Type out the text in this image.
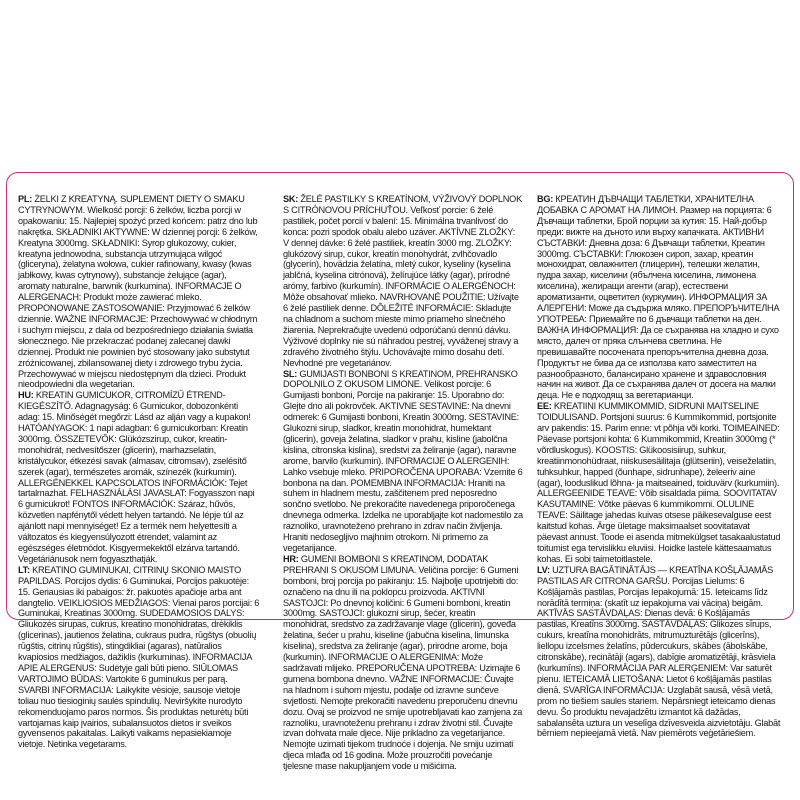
PL: ŻELKI Z KREATYNĄ. SUPLEMENT DIETY O SMAKU CYTRYNOWYM. Wielkość porcji: 6 żelków, liczba porcji w opakowaniu: 15. Najlepiej spożyć przed końcem: patrz dno lub nakrętka. SKŁADNIKI AKTYWNE: W dziennej porcji: 6 żelków, Kreatyna 3000mg. SKŁADNIKI: Syrop glukozowy, cukier, kreatyna jednowodna, substancja utrzymująca wilgoć (gliceryna), żelatyna wołowa, cukier rafinowany, kwasy (kwas jabłkowy, kwas cytrynowy), substancje żelujące (agar), aromaty naturalne, barwnik (kurkumina). INFORMACJE O ALERGENACH: Produkt może zawierać mleko. PROPONOWANE ZASTOSOWANIE: Przyjmować 6 żelków dziennie. WAŻNE INFORMACJE: Przechowywać w chłodnym i suchym miejscu, z dala od bezpośredniego działania światła słonecznego. Nie przekraczać podanej zalecanej dawki dziennej. Produkt nie powinien być stosowany jako substytut zróżnicowanej, zbilansowanej diety i zdrowego trybu życia. Przechowywać w miejscu niedostępnym dla dzieci. Produkt nieodpowiedni dla wegetarian.

HU: KREATIN GUMICUKOR, CITROMÍZŰ ÉTREND-KIEGÉSZÍTŐ. Adagnagyság: 6 Gumicukor, dobozonkénti adag: 15. Minőségét megőrzi: Lásd az alján vagy a kupakon! HATÓANYAGOK: 1 napi adagban: 6 gumicukorban: Kreatin 3000mg. ÖSSZETEVŐK: Glükózszirup, cukor, kreatin-monohidrát, nedvesítőszer (glicerin), marhazselatin, kristálycukor, étkezési savak (almasav, citromsav), zselésítő szerek (agar), természetes aromák, színezék (kurkumin). ALLERGÉNEKKEL KAPCSOLATOS INFORMÁCIÓK: Tejet tartalmazhat. FELHASZNÁLÁSI JAVASLAT: Fogyasszon napi 6 gumicukrot! FONTOS INFORMÁCIÓK: Száraz, hűvös, közvetlen napfénytől védett helyen tartandó. Ne lépje túl az ajánlott napi mennyiséget! Ez a termék nem helyettesíti a változatos és kiegyensúlyozott étrendet, valamint az egészséges életmódot. Kisgyermekektől elzárva tartandó. Vegetáriánusok nem fogyaszthatják.

LT: KREATINO GUMINUKAI, CITRINŲ SKONIO MAISTO PAPILDAS. Porcijos dydis: 6 Guminukai, Porcijos pakuotėje: 15. Geriausias iki pabaigos: žr. pakuotės apačioje arba ant dangtelio. VEIKLIOSIOS MEDŽIAGOS: Vienai paros porcijai: 6 Guminukai, Kreatinas 3000mg. SUDEDAMOSIOS DALYS: Gliukozės sirupas, cukrus, kreatino monohidratas, drėkiklis (glicerinas), jautienos želatina, cukraus pudra, rūgštys (obuolių rūgštis, citrinų rūgštis), stingdikliai (agaras), natūralios kvapiosios medžiagos, dažiklis (kurkuminas). INFORMACIJA APIE ALERGENUS: Sudėtyje gali būti pieno. SIŪLOMAS VARTOJIMO BŪDAS: Vartokite 6 guminukus per parą. SVARBI INFORMACIJA: Laikykite vėsioje, sausoje vietoje toliau nuo tiesioginių saulės spindulių. Neviršykite nurodyto rekomenduojamo paros normos. Šis produktas neturėtų būti vartojamas kaip įvairios, subalansuotos dietos ir sveikos gyvensenos pakaitalas. Laikyti vaikams nepasiekiamoje vietoje. Netinka vegetarams.

SK: ŽELÉ PASTILKY S KREATÍNOM, VÝŽIVOVÝ DOPLNOK S CITRÓNOVOU PRÍCHUŤOU. Veľkosť porcie: 6 želé pastiliek, počet porcií v balení: 15. Minimálna trvanlivosť do konca: pozri spodok obalu alebo uzáver. AKTÍVNE ZLOŽKY: V dennej dávke: 6 želé pastiliek, kreatín 3000 mg. ZLOŽKY: glukózový sirup, cukor, kreatín monohydrát, zvlhčovadlo (glycerín), hovädzia želatína, mletý cukor, kyseliny (kyselina jablčná, kyselina citrónová), želírujúce látky (agar), prírodné arómy, farbivo (kurkumín). INFORMÁCIE O ALERGÉNOCH: Môže obsahovať mlieko. NAVRHOVANÉ POUŽITIE: Užívajte 6 želé pastiliek denne. DÔLEŽITÉ INFORMÁCIE: Skladujte na chladnom a suchom mieste mimo priameho slnečného žiarenia. Neprekračujte uvedenú odporúčanú dennú dávku. Výživové doplnky nie sú náhradou pestrej, vyváženej stravy a zdravého životného štýlu. Uchovávajte mimo dosahu detí. Nevhodné pre vegetariánov.

SL: GUMIJASTI BONBONI S KREATINOM, PREHRANSKO DOPOLNILO Z OKUSOM LIMONE. Velikost porcije: 6 Gumijasti bonboni, Porcije na pakiranje: 15. Uporabno do: Glejte dno ali pokrovček. AKTIVNE SESTAVINE: Na dnevni odmerek: 6 Gumijasti bonboni, Kreatin 3000mg. SESTAVINE: Glukozni sirup, sladkor, kreatin monohidrat, humektant (glicerin), goveja želatina, sladkor v prahu, kisline (jabolčna kislina, citronska kislina), sredstvi za želiranje (agar), naravne arome, barvilo (kurkumin). INFORMACIJE O ALERGENIH: Lahko vsebuje mleko. PRIPOROČENA UPORABA: Vzemite 6 bonbona na dan. POMEMBNA INFORMACIJA: Hraniti na suhem in hladnem mestu, zaščitenem pred neposredno sončno svetlobo. Ne prekoračite navedenega priporočenega dnevnega odmerka. Izdelka ne uporabljajte kot nadomestilo za raznoliko, uravnoteženo prehrano in zdrav način življenja. Hraniti nedosegljivo majhnim otrokom. Ni primerno za vegetarijance.

HR: GUMENI BOMBONI S KREATINOM, DODATAK PREHRANI S OKUSOM LIMUNA. Veličina porcije: 6 Gumeni bomboni, broj porcija po pakiranju: 15. Najbolje upotrijebiti do: označeno na dnu ili na poklopcu proizvoda. AKTIVNI SASTOJCI: Po dnevnoj količini: 6 Gumeni bomboni, kreatin 3000mg. SASTOJCI: glukozni sirup, šećer, kreatin monohidrat, sredstvo za zadržavanje vlage (glicerin), goveđa želatina, šećer u prahu, kiseline (jabučna kiselina, limunska kiselina), sredstva za želiranje (agar), prirodne arome, boja (kurkumin). INFORMACIJE O ALERGENIMA: Može sadržavati mlijeko. PREPORUČENA UPOTREBA: Uzimajte 6 gumena bombona dnevno. VAŽNE INFORMACIJE: Čuvajte na hladnom i suhom mjestu, podalje od izravne sunčeve svjetlosti. Nemojte prekoračiti navedenu preporučenu dnevnu dozu. Ovaj se proizvod ne smije upotrebljavati kao zamjena za raznoliku, uravnoteženu prehranu i zdrav životni stil. Čuvajte izvan dohvata male djece. Nije prikladno za vegetarijance. Nemojte uzimati tijekom trudnoće i dojenja. Ne smiju uzimati djeca mlađa od 16 godina. Može prouzročiti povećanje tjelesne mase nakupljanjem vode u mišićima.

BG: КРЕАТИН ДЪВЧАЩИ ТАБЛЕТКИ, ХРАНИТЕЛНА ДОБАВКА С АРОМАТ НА ЛИМОН. Размер на порцията: 6 Дъвчащи таблетки, Брой порции за кутия: 15. Най-добър преди: вижте на дъното или върху капачката. АКТИВНИ СЪСТАВКИ: Дневна доза: 6 Дъвчащи таблетки, Креатин 3000mg. СЪСТАВКИ: Глюкозен сироп, захар, креатин монохидрат, овлажнител (глицерин), телешки желатин, пудра захар, киселини (ябълчена киселина, лимонена киселина), желиращи агенти (агар), естествени ароматизанти, оцветител (куркумин). ИНФОРМАЦИЯ ЗА АЛЕРГЕНИ: Може да съдържа мляко. ПРЕПОРЪЧИТЕЛНА УПОТРЕБА: Приемайте по 6 дъвчащи таблетки на ден. ВАЖНА ИНФОРМАЦИЯ: Да се съхранява на хладно и сухо място, далеч от пряка слънчева светлина. Не превишавайте посочената препоръчителна дневна доза. Продуктът не бива да се използва като заместител на разнообразното, балансирано хранене и здравословния начин на живот. Да се съхранява далеч от досега на малки деца. Не е подходящ за вегетарианци.

EE: KREATIINI KUMMIKOMMID, SIDRUNI MAITSELINE TOIDULISAND. Portsjoni suurus: 6 Kummikommid, portsjonite arv pakendis: 15. Parim enne: vt põhja või korki. TOIMEAINED: Päevase portsjoni kohta: 6 Kummikommid, Kreatiin 3000mg (* võrdluskogus). KOOSTIS: Glükoosisiirup, suhkur, kreatiinmonohüdraat, niiskusesäilitaja (glütseriin), veiseželatiin, tuhksuhkur, happed (õunhape, sidrunhape), želeeriv aine (agar), looduslikud lõhna- ja maitseained, toiduvärv (kurkumiin). ALLERGEENIDE TEAVE: Võib sisaldada piima. SOOVITATAV KASUTAMINE: Võtke päevas 6 kummikommi. OLULINE TEAVE: Säilitage jahedas kuivas otsese päikesevalguse eest kaitstud kohas. Ärge ületage maksimaalset soovitatavat päevast annust. Toode ei asenda mitmekülgset tasakaalustatud toitumist ega tervislikku eluviisi. Hoidke lastele kättesaamatus kohas. Ei sobi taimetoitlastele.

LV: UZTURA BAGĀTINĀTĀJS — KREATĪNA KOŠĻĀJAMĀS PASTILAS AR CITRONA GARŠU. Porcijas Lielums: 6 Košļājamās pastilas, Porcijas Iepakojumā: 15. Ieteicams līdz norādītā termiņa: (skatīt uz iepakojuma vai vāciņa) beigām. AKTĪVĀS SASTĀVDAĻAS: Dienas devā: 6 Košļājamās pastilas, Kreatīns 3000mg. SASTĀVDAĻAS: Glikozes sīrups, cukurs, kreatīna monohidrāts, mitrumuzturētājs (glicerīns), liellopu izcelsmes želatīns, pūdercukurs, skābes (ābolskābe, citronskābe), recinātāji (agars), dabīgie aromatizētāji, krāsviela (kurkumīns). INFORMĀCIJA PAR ALERĢENIEM: Var saturēt pienu. IETEICAMĀ LIETOŠANA: Lietot 6 košļājamās pastilas dienā. SVARĪGA INFORMĀCIJA: Uzglabāt sausā, vēsā vietā, prom no tiešiem saules stariem. Nepārsniegt ieteicamo dienas devu. Šo produktu nevajadzētu izmantot kā dažādas, sabalansēta uztura un veselīga dzīvesveida aizvietotāju. Glabāt bērniem nepieejamā vietā. Nav piemērots veģetāriešiem.
